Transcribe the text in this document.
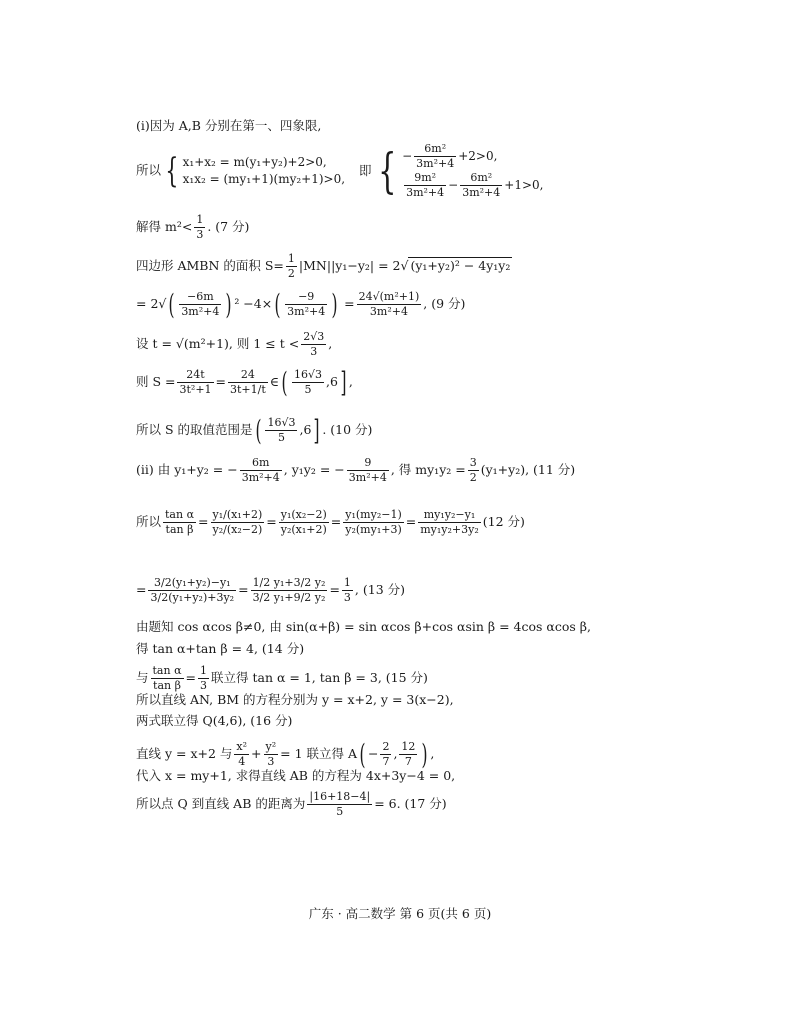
(i)因为 A,B 分别在第一、四象限,
所以 { x₁+x₂ = m(y₁+y₂)+2>0,
x₁x₂ = (my₁+1)(my₂+1)>0,
即 { − $\frac{\text{6m²}}{\text{3m²+4}} +2>0$,
$\frac{\text{9m²}}{\text{3m²+4}} - \frac{\text{6m²}}{\text{3m²+4}} +1>0$,
解得 $m^2< \frac{1}{3}$ . (7 分)
四边形 AMBN 的面积 $S= \frac{1}{2} |MN||y_1-y_2| = 2√$ (y₁+y₂)² − 4y₁y₂
= $2√( \frac{-6m}{\text{3m²+4}}$ ) $^2 -4\times( \frac{-9}{\text{3m²+4}}$ ) = $\frac{\text{24√(m²+1)}}{\text{3m²+4}}$ , (9 分)
设 t = √(m²+1), 则 $1 \le t < \frac{2√3}{3}$ ,
则 $S = \frac{24t}{\text{3t²+1}} = \frac{24}{3t+1/t}$ ∈( $\frac{16√3}{5} ,6$] ,
所以 S 的取值范围是( $\frac{16√3}{5} ,6$] . (10 分)
(ii) 由 y₁+y₂ = − $\frac{6m}{\text{3m²+4}}$ , y₁y₂ = − $\frac{9}{\text{3m²+4}}$ , 得 $my_1y_2 = \frac{3}{2} (y_1+y_2)$, (11 分)
所以 $\frac{\text{tan α}}{\text{tan β}} = \frac{\text{y₁/(x₁+2)}}{\text{y₂/(x₂−2)}} = \frac{\text{y₁(x₂−2)}}{\text{y₂(x₁+2)}} = \frac{\text{y₁(my₂−1)}}{\text{y₂(my₁+3)}} = \frac{\text{my₁y₂−y₁}}{\text{my₁y₂+3y₂}} (12$ 分)
= $\frac{\text{3/2(y₁+y₂)−y₁}}{\text{3/2(y₁+y₂)+3y₂}} = \frac{\text{1/2 y₁+3/2 y₂}}{\text{3/2 y₁+9/2 y₂}} = \frac{1}{3}$ , (13 分)
由题知 cos αcos β≠0, 由 sin(α+β) = sin αcos β+cos αsin β = 4cos αcos β,
得 tan α+tan β = 4, (14 分)
与 $\frac{\text{tan α}}{\text{tan β}} = \frac{1}{3}$ 联立得 tan α = 1, tan β = 3, (15 分)
所以直线 AN, BM 的方程分别为 y = x+2, y = 3(x−2),
两式联立得 Q(4,6), (16 分)
直线 y = x+2 与 $\frac{\text{x²}}{4} + \frac{\text{y²}}{3} = 1$ 联立得 $A( - \frac{2}{7}$ , $\frac{12}{7}$ ) ,
代入 x = my+1, 求得直线 AB 的方程为 4x+3y−4 = 0,
所以点 Q 到直线 AB 的距离为 $\frac{|16+18-4|}{5} = 6$. (17 分)
广东 · 高二数学 第 6 页(共 6 页)
